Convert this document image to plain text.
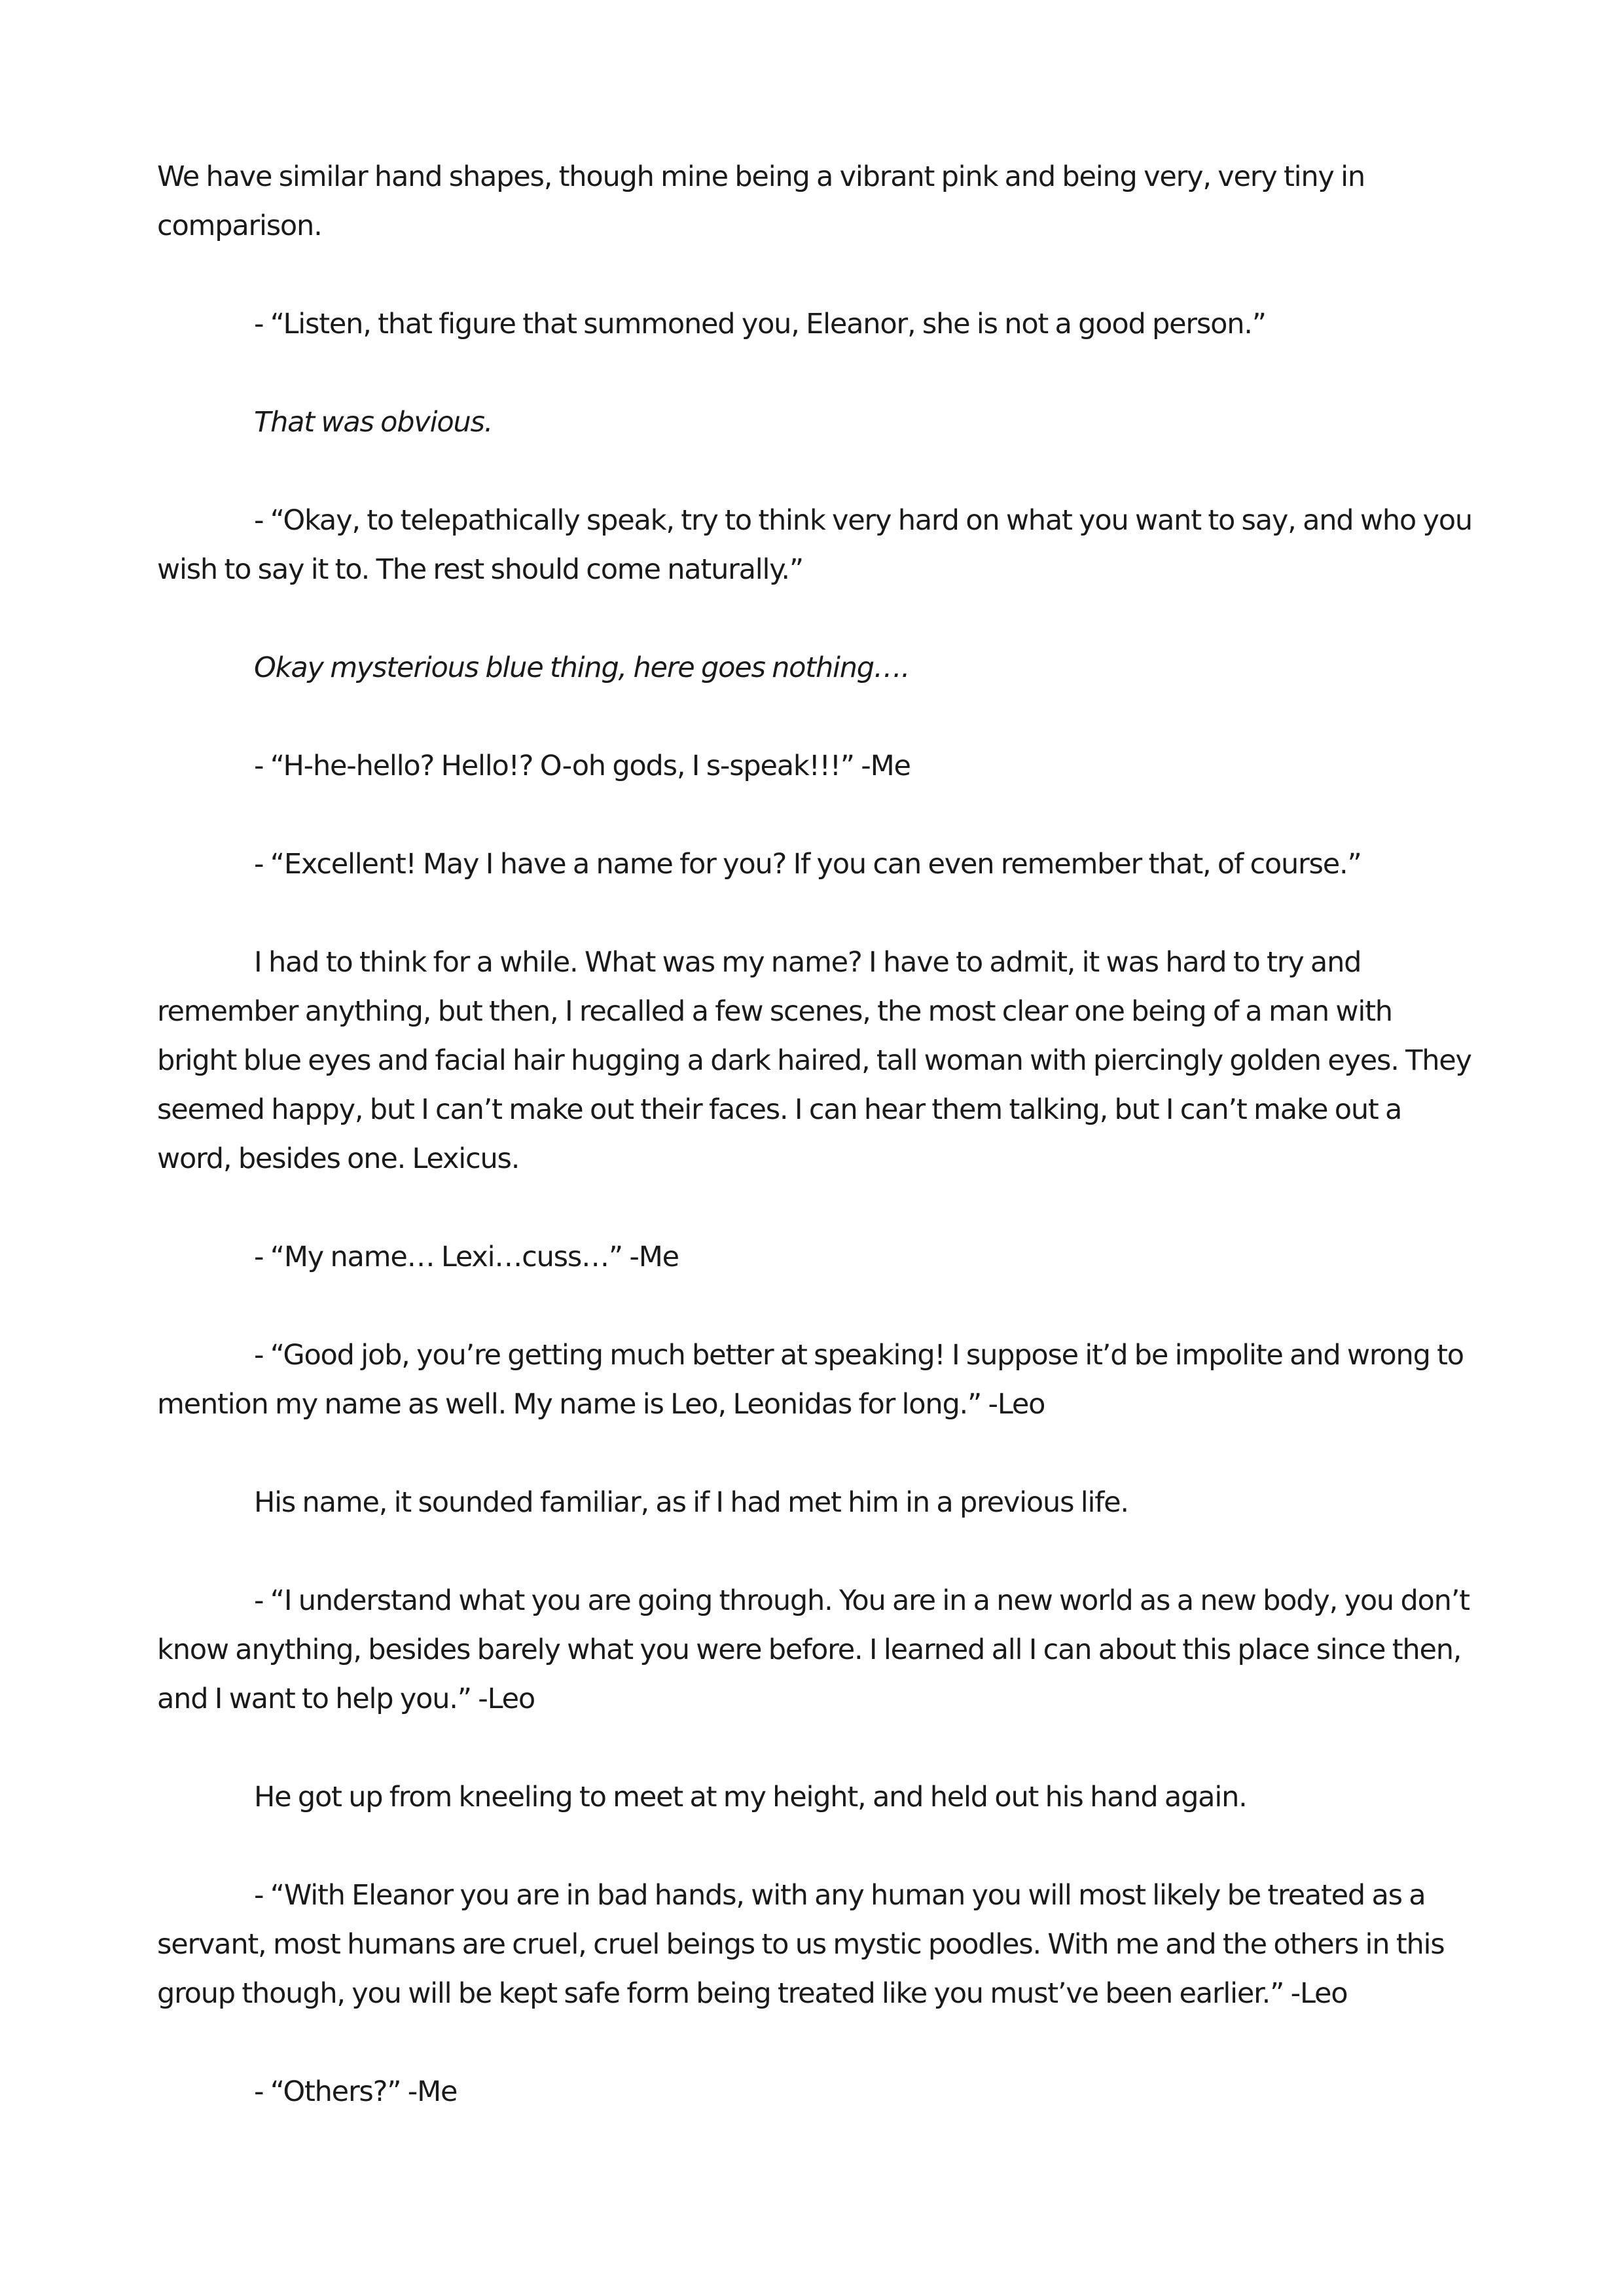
We have similar hand shapes, though mine being a vibrant pink and being very, very tiny in comparison.

- “Listen, that figure that summoned you, Eleanor, she is not a good person.”

That was obvious.

- “Okay, to telepathically speak, try to think very hard on what you want to say, and who you wish to say it to. The rest should come naturally.”

Okay mysterious blue thing, here goes nothing….

- “H-he-hello? Hello!? O-oh gods, I s-speak!!!” -Me

- “Excellent! May I have a name for you? If you can even remember that, of course.”

I had to think for a while. What was my name? I have to admit, it was hard to try and remember anything, but then, I recalled a few scenes, the most clear one being of a man with bright blue eyes and facial hair hugging a dark haired, tall woman with piercingly golden eyes. They seemed happy, but I can’t make out their faces. I can hear them talking, but I can’t make out a word, besides one. Lexicus.

- “My name… Lexi…cuss…” -Me

- “Good job, you’re getting much better at speaking! I suppose it’d be impolite and wrong to mention my name as well. My name is Leo, Leonidas for long.” -Leo

His name, it sounded familiar, as if I had met him in a previous life.

- “I understand what you are going through. You are in a new world as a new body, you don’t know anything, besides barely what you were before. I learned all I can about this place since then, and I want to help you.” -Leo

He got up from kneeling to meet at my height, and held out his hand again.

- “With Eleanor you are in bad hands, with any human you will most likely be treated as a servant, most humans are cruel, cruel beings to us mystic poodles. With me and the others in this group though, you will be kept safe form being treated like you must’ve been earlier.” -Leo

- “Others?” -Me
